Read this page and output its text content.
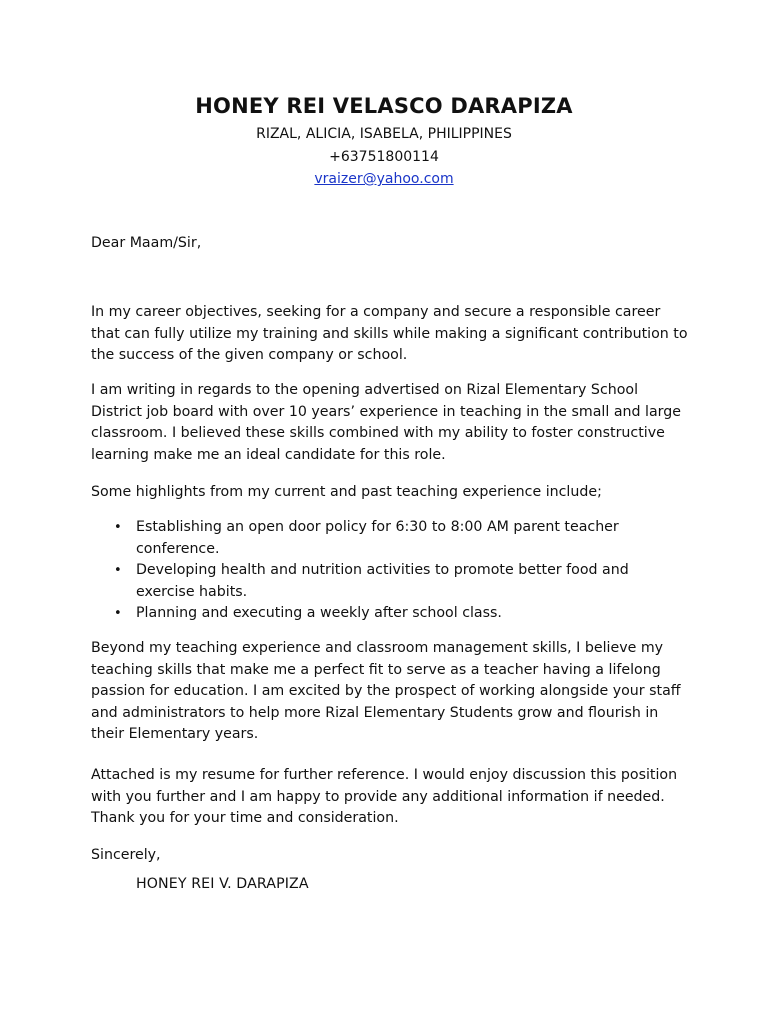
HONEY REI VELASCO DARAPIZA
RIZAL, ALICIA, ISABELA, PHILIPPINES
+63751800114
vraizer@yahoo.com

Dear Maam/Sir,

In my career objectives, seeking for a company and secure a responsible career that can fully utilize my training and skills while making a significant contribution to the success of the given company or school.

I am writing in regards to the opening advertised on Rizal Elementary School District job board with over 10 years’ experience in teaching in the small and large classroom. I believed these skills combined with my ability to foster constructive learning make me an ideal candidate for this role.

Some highlights from my current and past teaching experience include;

• Establishing an open door policy for 6:30 to 8:00 AM parent teacher conference.
• Developing health and nutrition activities to promote better food and exercise habits.
• Planning and executing a weekly after school class.

Beyond my teaching experience and classroom management skills, I believe my teaching skills that make me a perfect fit to serve as a teacher having a lifelong passion for education. I am excited by the prospect of working alongside your staff and administrators to help more Rizal Elementary Students grow and flourish in their Elementary years.

Attached is my resume for further reference. I would enjoy discussion this position with you further and I am happy to provide any additional information if needed. Thank you for your time and consideration.

Sincerely,

HONEY REI V. DARAPIZA
